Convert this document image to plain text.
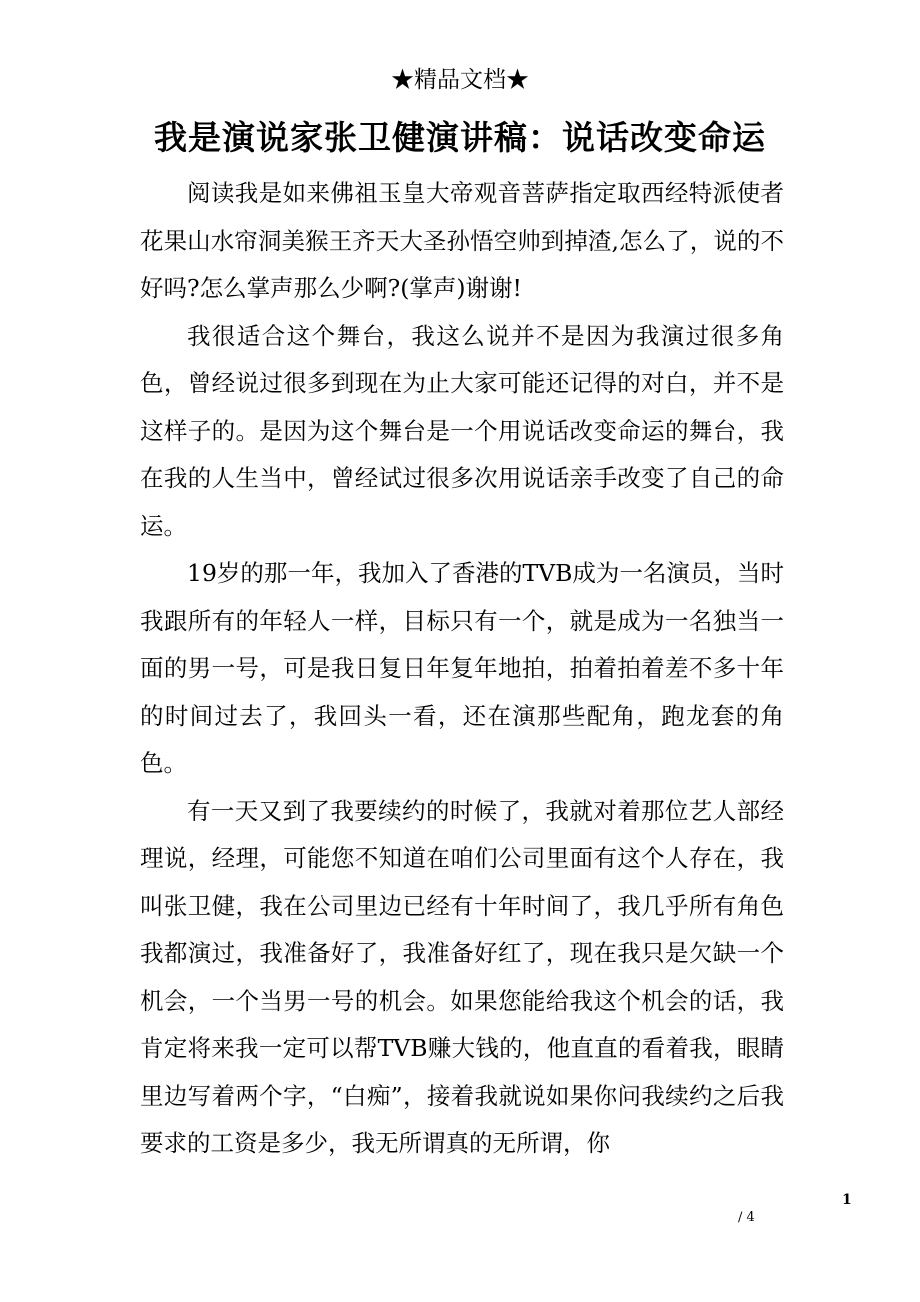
★精品文档★
我是演说家张卫健演讲稿：说话改变命运

阅读我是如来佛祖玉皇大帝观音菩萨指定取西经特派使者花果山水帘洞美猴王齐天大圣孙悟空帅到掉渣,怎么了，说的不好吗?怎么掌声那么少啊?(掌声)谢谢!

我很适合这个舞台，我这么说并不是因为我演过很多角色，曾经说过很多到现在为止大家可能还记得的对白，并不是这样子的。是因为这个舞台是一个用说话改变命运的舞台，我在我的人生当中，曾经试过很多次用说话亲手改变了自己的命运。

19岁的那一年，我加入了香港的TVB成为一名演员，当时我跟所有的年轻人一样，目标只有一个，就是成为一名独当一面的男一号，可是我日复日年复年地拍，拍着拍着差不多十年的时间过去了，我回头一看，还在演那些配角，跑龙套的角色。

有一天又到了我要续约的时候了，我就对着那位艺人部经理说，经理，可能您不知道在咱们公司里面有这个人存在，我叫张卫健，我在公司里边已经有十年时间了，我几乎所有角色我都演过，我准备好了，我准备好红了，现在我只是欠缺一个机会，一个当男一号的机会。如果您能给我这个机会的话，我肯定将来我一定可以帮TVB赚大钱的，他直直的看着我，眼睛里边写着两个字，“白痴”，接着我就说如果你问我续约之后我要求的工资是多少，我无所谓真的无所谓，你

1
/ 4
